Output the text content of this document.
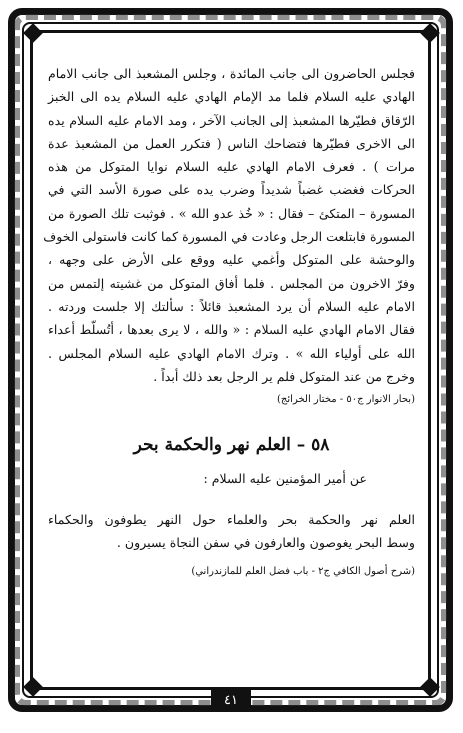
فجلس الحاضرون الى جانب المائدة ، وجلس المشعبذ الى جانب الامام
الهادي عليه السلام فلما مد الإمام الهادي عليه السلام يده الى الخبز
الرّقاق فطيّرها المشعبذ إلى الجانب الآخر ، ومد الامام عليه السلام يده
الى الاخرى فطيّرها فتضاحك الناس ( فتكرر العمل من المشعبذ عدة
مرات ) . فعرف الامام الهادي عليه السلام نوايا المتوكل من هذه
الحركات فغضب غضباً شديداً وضرب يده على صورة الأسد التي في
المسورة – المتكئ – فقال : « خُذ عدو الله » . فوثبت تلك الصورة من
المسورة فابتلعت الرجل وعادت في المسورة كما كانت فاستولى الخوف
والوحشة على المتوكل وأغمي عليه ووقع على الأرض على وجهه ،
وفرّ الاخرون من المجلس . فلما أفاق المتوكل من غشيته إلتمس من
الامام عليه السلام أن يرد المشعبذ قائلاً : سألتك إلا جلست وردته .
فقال الامام الهادي عليه السلام : « والله ، لا يرى بعدها ، أتُسلّط أعداء
الله على أولياء الله » . وترك الامام الهادي عليه السلام المجلس .
وخرج من عند المتوكل فلم ير الرجل بعد ذلك أبداً .

(بحار الانوار ج٥٠ - مختار الخرائج)

٥٨ – العلم نهر والحكمة بحر
عن أمير المؤمنين عليه السلام :
العلم نهر والحكمة بحر والعلماء حول النهر يطوفون والحكماء
وسط البحر يغوصون والعارفون في سفن النجاة يسيرون .

(شرح أصول الكافي ج٢ - باب فضل العلم للمازندراني)

٤١
